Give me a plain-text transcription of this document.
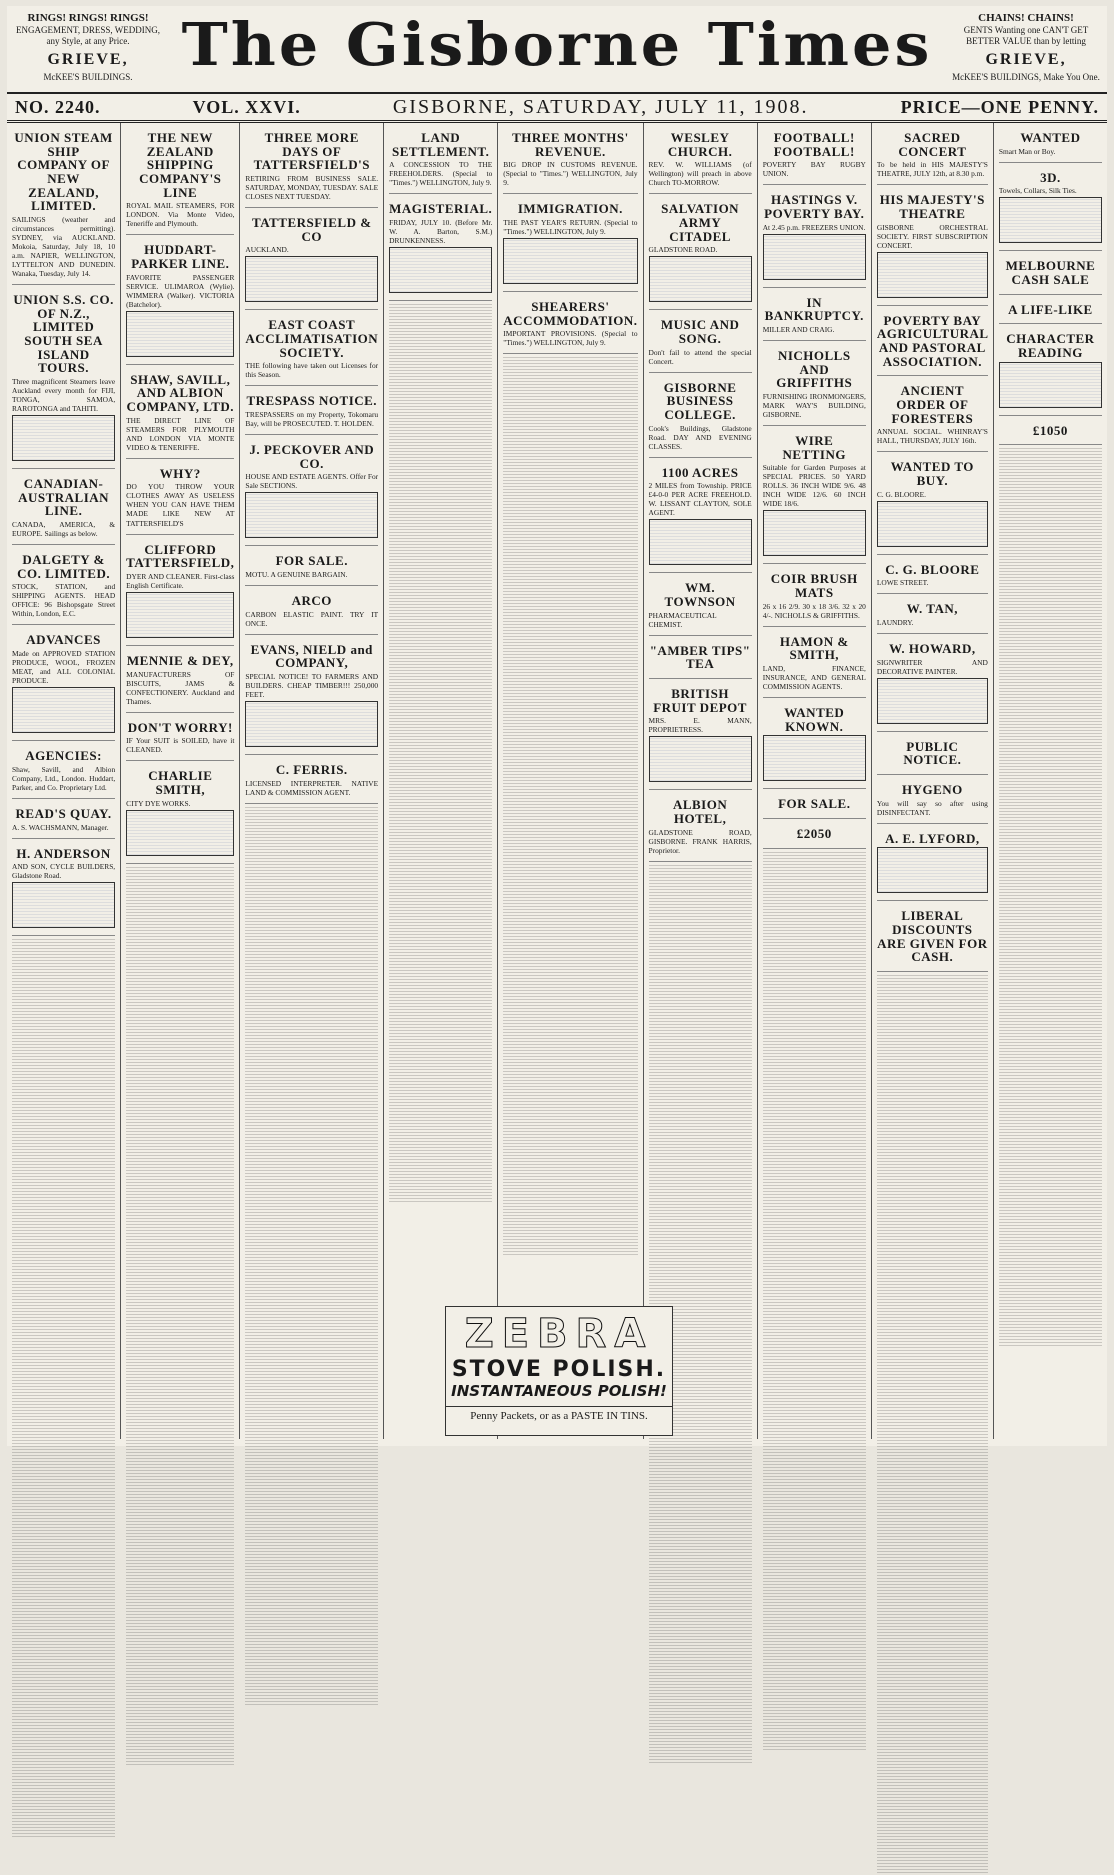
RINGS! RINGS! RINGS!
ENGAGEMENT, DRESS, WEDDING, any Style, at any Price.
GRIEVE,
McKEE'S BUILDINGS. The Gisborne Times	CHAINS! CHAINS!
GENTS Wanting one CAN'T GET BETTER VALUE than by letting
GRIEVE,
McKEE'S BUILDINGS, Make You One.
NO. 2240.	VOL. XXVI.	GISBORNE, SATURDAY, JULY 11, 1908.	PRICE—ONE PENNY.
UNION STEAM SHIP COMPANY OF NEW ZEALAND, LIMITED.

SAILINGS (weather and circumstances permitting). SYDNEY, via AUCKLAND. Mokoia, Saturday, July 18, 10 a.m. NAPIER, WELLINGTON, LYTTELTON AND DUNEDIN. Wanaka, Tuesday, July 14.

UNION S.S. CO. OF N.Z., LIMITED SOUTH SEA ISLAND TOURS.

Three magnificent Steamers leave Auckland every month for FIJI, TONGA, SAMOA, RAROTONGA and TAHITI.

CANADIAN-AUSTRALIAN LINE.

CANADA, AMERICA, & EUROPE. Sailings as below.

DALGETY & CO. LIMITED.

STOCK, STATION, and SHIPPING AGENTS. HEAD OFFICE: 96 Bishopsgate Street Within, London, E.C.

ADVANCES

Made on APPROVED STATION PRODUCE, WOOL, FROZEN MEAT, and ALL COLONIAL PRODUCE.

AGENCIES:

Shaw, Savill, and Albion Company, Ltd., London. Huddart, Parker, and Co. Proprietary Ltd.

READ'S QUAY.

A. S. WACHSMANN, Manager.

H. ANDERSON

AND SON, CYCLE BUILDERS, Gladstone Road.

THE NEW ZEALAND SHIPPING COMPANY'S LINE

ROYAL MAIL STEAMERS, FOR LONDON. Via Monte Video, Teneriffe and Plymouth.

HUDDART-PARKER LINE.

FAVORITE PASSENGER SERVICE. ULIMAROA (Wylie). WIMMERA (Walker). VICTORIA (Batchelor).

SHAW, SAVILL, AND ALBION COMPANY, LTD.

THE DIRECT LINE OF STEAMERS FOR PLYMOUTH AND LONDON VIA MONTE VIDEO & TENERIFFE.

WHY?

DO YOU THROW YOUR CLOTHES AWAY AS USELESS WHEN YOU CAN HAVE THEM MADE LIKE NEW AT TATTERSFIELD'S

CLIFFORD TATTERSFIELD,

DYER AND CLEANER. First-class English Certificate.

MENNIE & DEY,

MANUFACTURERS OF BISCUITS, JAMS & CONFECTIONERY. Auckland and Thames.

DON'T WORRY!

IF Your SUIT is SOILED, have it CLEANED.

CHARLIE SMITH,

CITY DYE WORKS.

THREE MORE DAYS OF TATTERSFIELD'S

RETIRING FROM BUSINESS SALE. SATURDAY, MONDAY, TUESDAY. SALE CLOSES NEXT TUESDAY.

TATTERSFIELD & CO

AUCKLAND.

EAST COAST ACCLIMATISATION SOCIETY.

THE following have taken out Licenses for this Season.

TRESPASS NOTICE.

TRESPASSERS on my Property, Tokomaru Bay, will be PROSECUTED. T. HOLDEN.

J. PECKOVER AND CO.

HOUSE AND ESTATE AGENTS. Offer For Sale SECTIONS.

FOR SALE.

MOTU. A GENUINE BARGAIN.

ARCO

CARBON ELASTIC PAINT. TRY IT ONCE.

EVANS, NIELD and COMPANY,

SPECIAL NOTICE! TO FARMERS AND BUILDERS. CHEAP TIMBER!!! 250,000 FEET.

C. FERRIS.

LICENSED INTERPRETER. NATIVE LAND & COMMISSION AGENT.

LAND SETTLEMENT.

A CONCESSION TO THE FREEHOLDERS. (Special to "Times.") WELLINGTON, July 9.

MAGISTERIAL.

FRIDAY, JULY 10. (Before Mr. W. A. Barton, S.M.) DRUNKENNESS.

THREE MONTHS' REVENUE.

BIG DROP IN CUSTOMS REVENUE. (Special to "Times.") WELLINGTON, July 9.

IMMIGRATION.

THE PAST YEAR'S RETURN. (Special to "Times.") WELLINGTON, July 9.

SHEARERS' ACCOMMODATION.

IMPORTANT PROVISIONS. (Special to "Times.") WELLINGTON, July 9.

WESLEY CHURCH.

REV. W. WILLIAMS (of Wellington) will preach in above Church TO-MORROW.

SALVATION ARMY CITADEL

GLADSTONE ROAD.

MUSIC AND SONG.

Don't fail to attend the special Concert.

GISBORNE BUSINESS COLLEGE.

Cook's Buildings, Gladstone Road. DAY AND EVENING CLASSES.

1100 ACRES

2 MILES from Township. PRICE £4-0-0 PER ACRE FREEHOLD. W. LISSANT CLAYTON, SOLE AGENT.

WM. TOWNSON

PHARMACEUTICAL CHEMIST.

"AMBER TIPS" TEA

BRITISH FRUIT DEPOT

MRS. E. MANN, PROPRIETRESS.

ALBION HOTEL,

GLADSTONE ROAD, GISBORNE. FRANK HARRIS, Proprietor.

FOOTBALL! FOOTBALL!

POVERTY BAY RUGBY UNION.

HASTINGS V. POVERTY BAY.

At 2.45 p.m. FREEZERS UNION.

IN BANKRUPTCY.

MILLER AND CRAIG.

NICHOLLS AND GRIFFITHS

FURNISHING IRONMONGERS, MARK WAY'S BUILDING, GISBORNE.

WIRE NETTING

Suitable for Garden Purposes at SPECIAL PRICES. 50 YARD ROLLS. 36 INCH WIDE 9/6. 48 INCH WIDE 12/6. 60 INCH WIDE 18/6.

COIR BRUSH MATS

26 x 16 2/9. 30 x 18 3/6. 32 x 20 4/-. NICHOLLS & GRIFFITHS.

HAMON & SMITH,

LAND, FINANCE, INSURANCE, AND GENERAL COMMISSION AGENTS.

WANTED KNOWN.

FOR SALE.

£2050

SACRED CONCERT

To be held in HIS MAJESTY'S THEATRE, JULY 12th, at 8.30 p.m.

HIS MAJESTY'S THEATRE

GISBORNE ORCHESTRAL SOCIETY. FIRST SUBSCRIPTION CONCERT.

POVERTY BAY AGRICULTURAL AND PASTORAL ASSOCIATION.

ANCIENT ORDER OF FORESTERS

ANNUAL SOCIAL. WHINRAY'S HALL, THURSDAY, JULY 16th.

WANTED TO BUY.

C. G. BLOORE.

C. G. BLOORE

LOWE STREET.

W. TAN,

LAUNDRY.

W. HOWARD,

SIGNWRITER AND DECORATIVE PAINTER.

PUBLIC NOTICE.

HYGENO

You will say so after using DISINFECTANT.

A. E. LYFORD,

LIBERAL DISCOUNTS ARE GIVEN FOR CASH.

WANTED

Smart Man or Boy.

3D.

Towels, Collars, Silk Ties.

MELBOURNE CASH SALE

A LIFE-LIKE

CHARACTER READING

£1050

ZEBRA
STOVE POLISH.
INSTANTANEOUS POLISH!
Penny Packets, or as a PASTE IN TINS.
